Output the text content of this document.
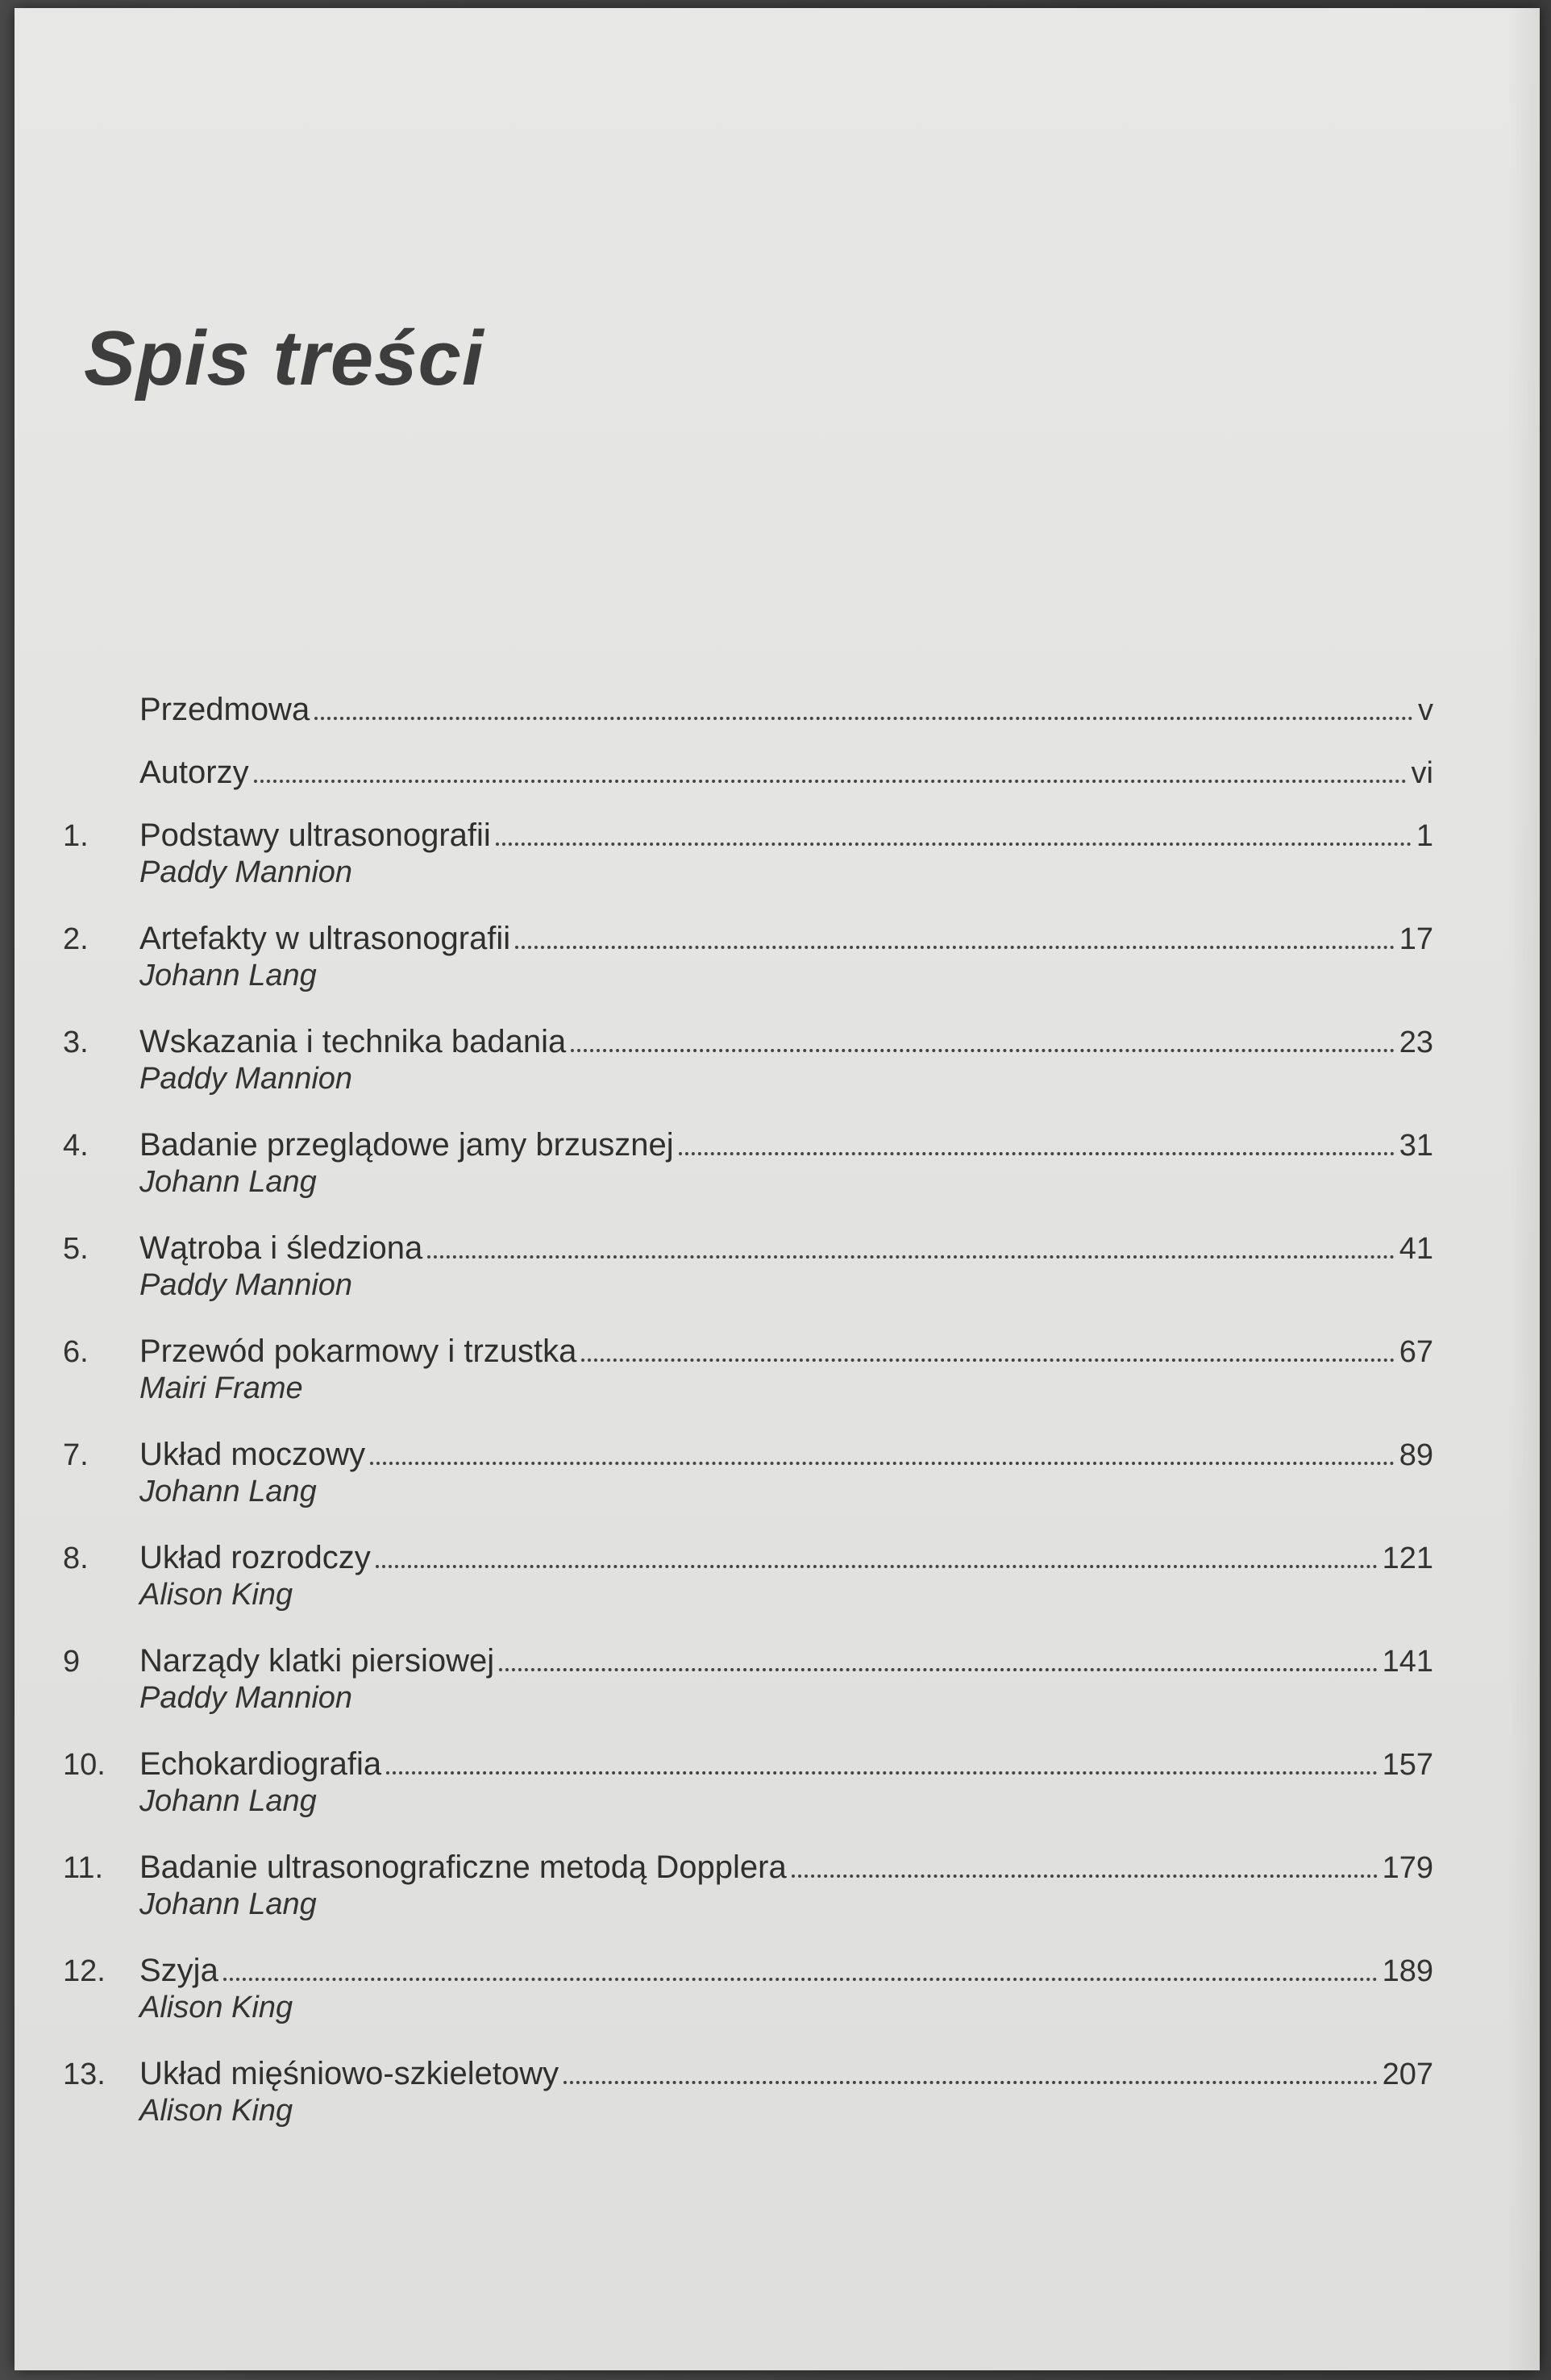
Spis treści
Przedmowa	v
Autorzy	vi
1.	Podstawy ultrasonografii	1
Paddy Mannion
2.	Artefakty w ultrasonografii	17
Johann Lang
3.	Wskazania i technika badania	23
Paddy Mannion
4.	Badanie przeglądowe jamy brzusznej	31
Johann Lang
5.	Wątroba i śledziona	41
Paddy Mannion
6.	Przewód pokarmowy i trzustka	67
Mairi Frame
7.	Układ moczowy	89
Johann Lang
8.	Układ rozrodczy	121
Alison King
9	Narządy klatki piersiowej	141
Paddy Mannion
10.	Echokardiografia	157
Johann Lang
11.	Badanie ultrasonograficzne metodą Dopplera	179
Johann Lang
12.	Szyja	189
Alison King
13.	Układ mięśniowo-szkieletowy	207
Alison King
